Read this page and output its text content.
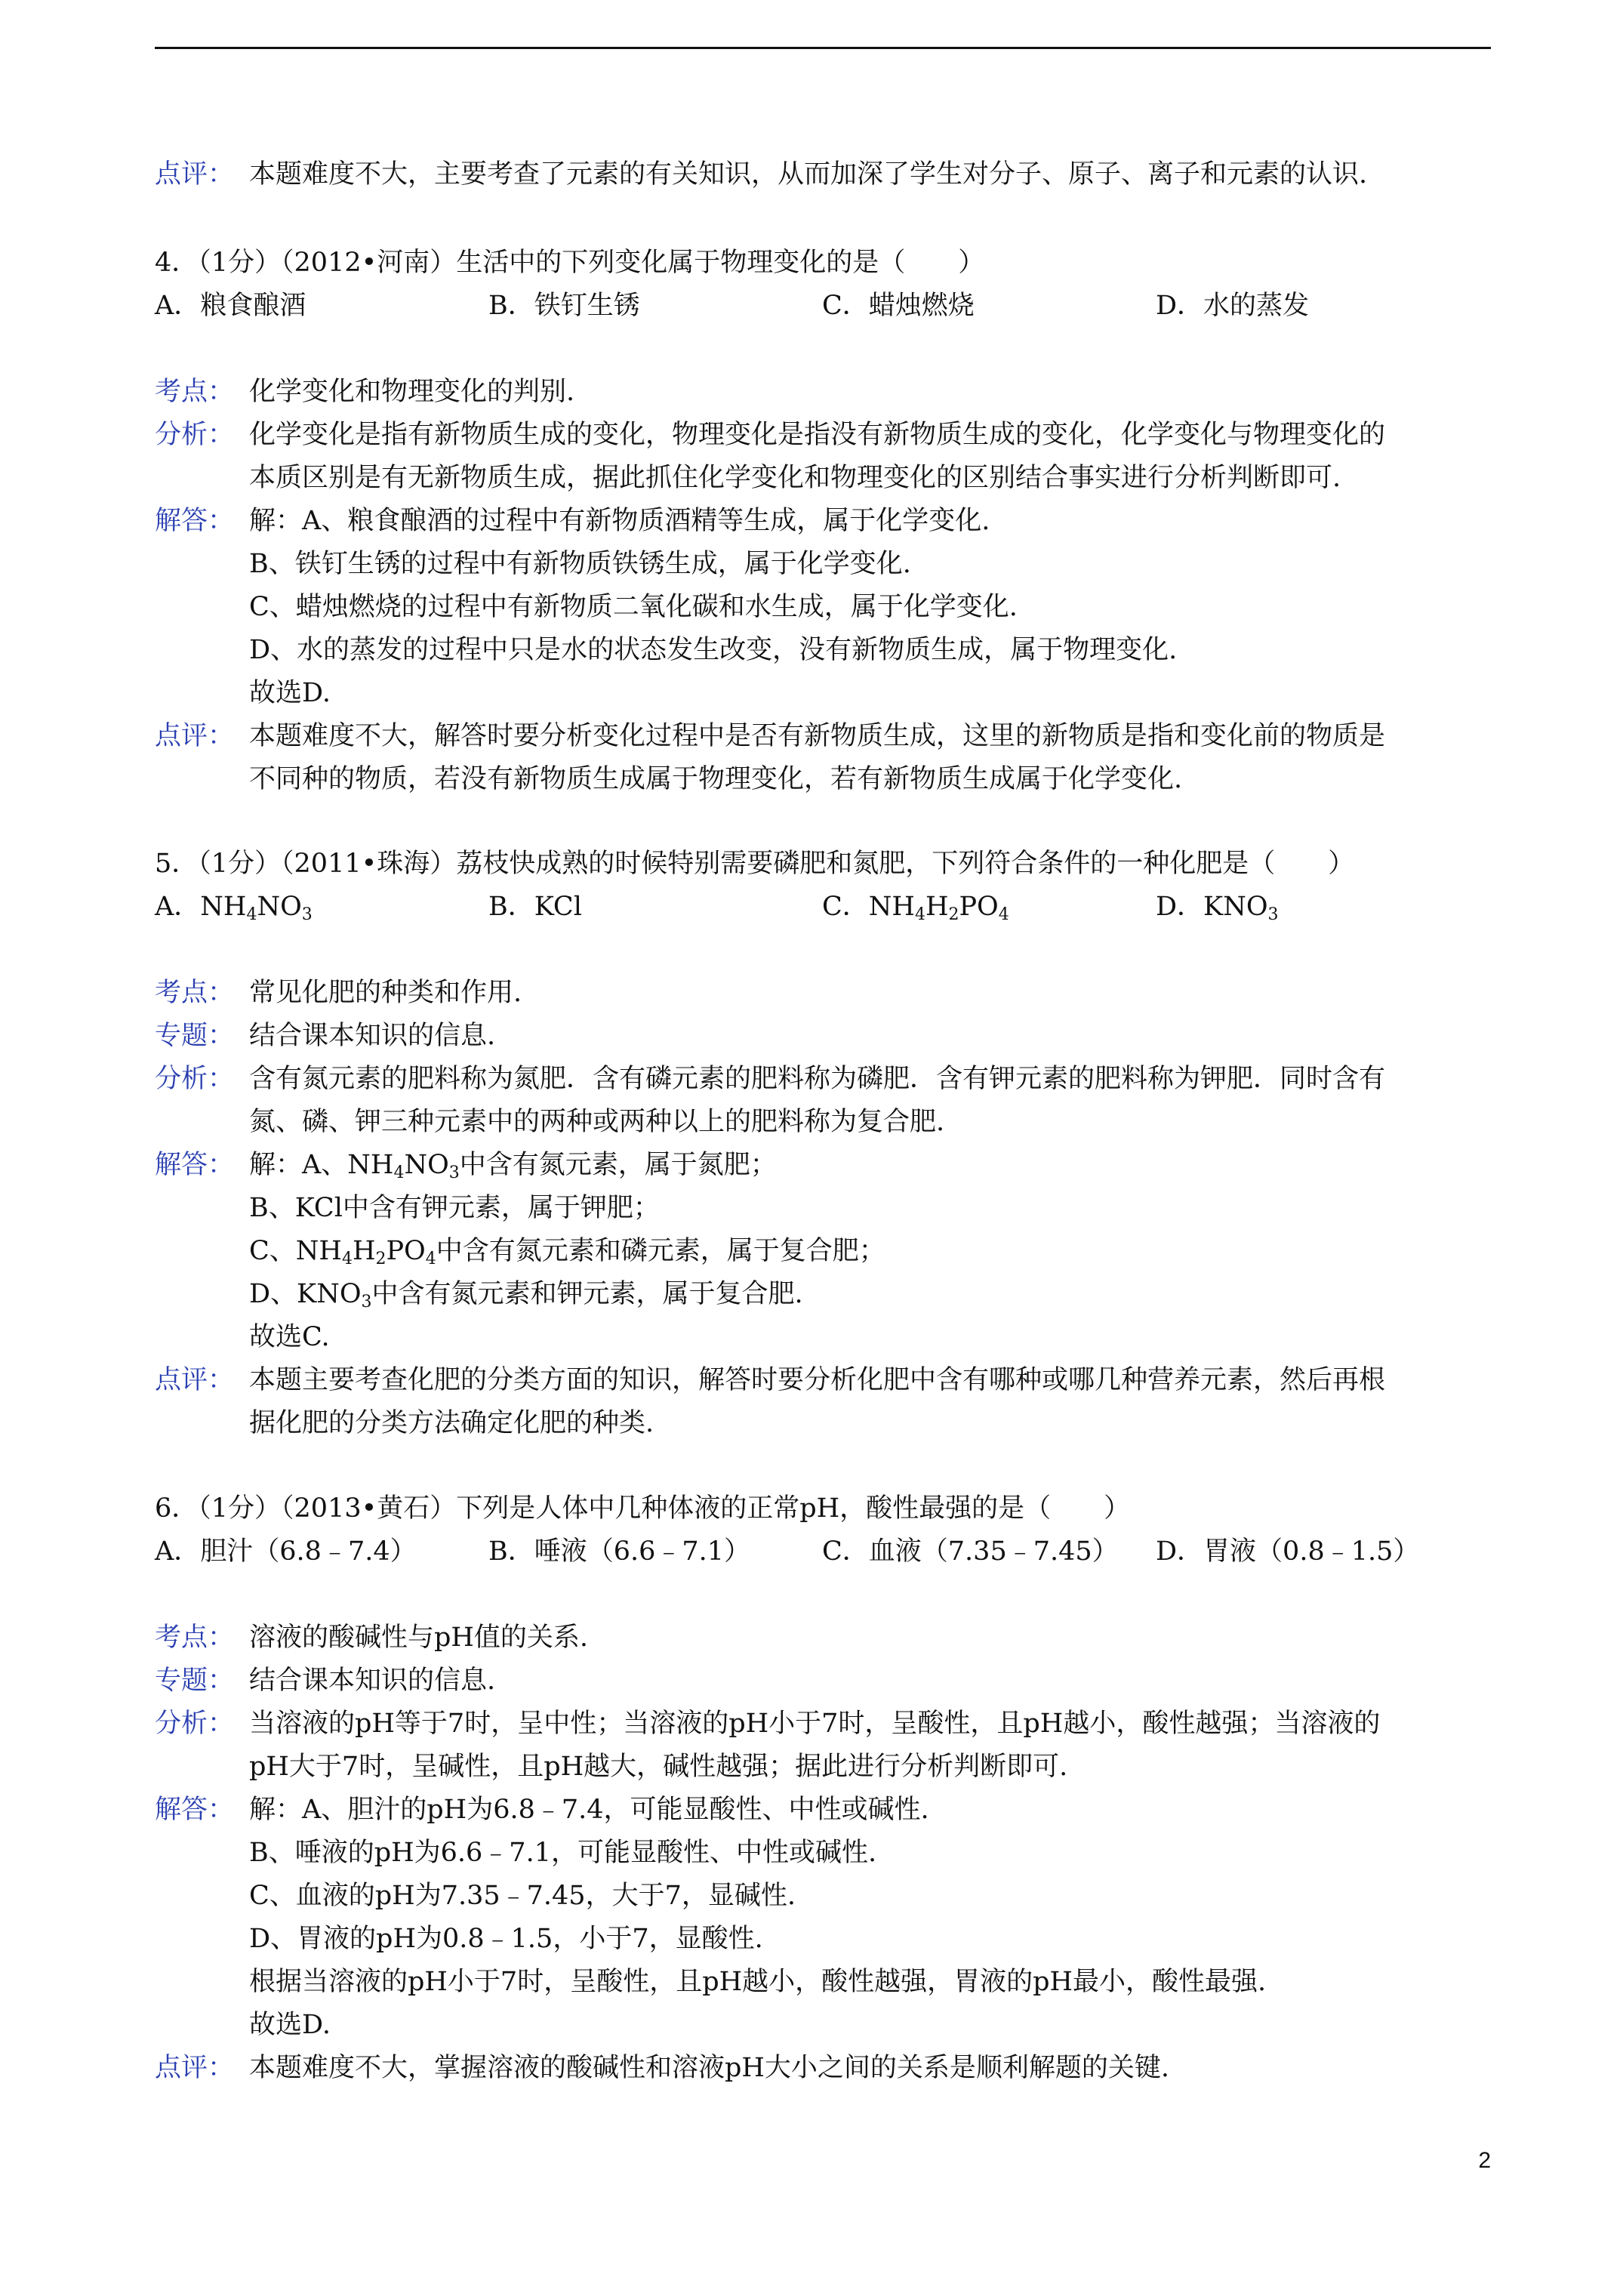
点评： 本题难度不大，主要考查了元素的有关知识，从而加深了学生对分子、原子、离子和元素的认识.
4．（1分）（2012•河南）生活中的下列变化属于物理变化的是（　　）
A．粮食酿酒	B．铁钉生锈	C．蜡烛燃烧	D．水的蒸发
考点： 化学变化和物理变化的判别.
分析： 化学变化是指有新物质生成的变化，物理变化是指没有新物质生成的变化，化学变化与物理变化的
本质区别是有无新物质生成，据此抓住化学变化和物理变化的区别结合事实进行分析判断即可.
解答： 解：A、粮食酿酒的过程中有新物质酒精等生成，属于化学变化.
B、铁钉生锈的过程中有新物质铁锈生成，属于化学变化.
C、蜡烛燃烧的过程中有新物质二氧化碳和水生成，属于化学变化.
D、水的蒸发的过程中只是水的状态发生改变，没有新物质生成，属于物理变化.
故选D.
点评： 本题难度不大，解答时要分析变化过程中是否有新物质生成，这里的新物质是指和变化前的物质是
不同种的物质，若没有新物质生成属于物理变化，若有新物质生成属于化学变化.
5．（1分）（2011•珠海）荔枝快成熟的时候特别需要磷肥和氮肥，下列符合条件的一种化肥是（　　）
A．$NH_4NO_3$	B．KCl	C．$NH_4H_2PO_4$	D．$KNO_3$
考点： 常见化肥的种类和作用.
专题： 结合课本知识的信息.
分析： 含有氮元素的肥料称为氮肥．含有磷元素的肥料称为磷肥．含有钾元素的肥料称为钾肥．同时含有
氮、磷、钾三种元素中的两种或两种以上的肥料称为复合肥.
解答： 解：A、$NH_4NO_3$中含有氮元素，属于氮肥；
B、KCl中含有钾元素，属于钾肥；
C、$NH_4H_2PO_4$中含有氮元素和磷元素，属于复合肥；
D、$KNO_3$中含有氮元素和钾元素，属于复合肥.
故选C.
点评： 本题主要考查化肥的分类方面的知识，解答时要分析化肥中含有哪种或哪几种营养元素，然后再根
据化肥的分类方法确定化肥的种类.
6．（1分）（2013•黄石）下列是人体中几种体液的正常pH，酸性最强的是（　　）
A．胆汁（6.8﹣7.4）	B．唾液（6.6﹣7.1）	C．血液（7.35﹣7.45）	D．胃液（0.8﹣1.5）
考点： 溶液的酸碱性与pH值的关系.
专题： 结合课本知识的信息.
分析： 当溶液的pH等于7时，呈中性；当溶液的pH小于7时，呈酸性，且pH越小，酸性越强；当溶液的
pH大于7时，呈碱性，且pH越大，碱性越强；据此进行分析判断即可.
解答： 解：A、胆汁的pH为6.8﹣7.4，可能显酸性、中性或碱性.
B、唾液的pH为6.6﹣7.1，可能显酸性、中性或碱性.
C、血液的pH为7.35﹣7.45，大于7，显碱性.
D、胃液的pH为0.8﹣1.5，小于7，显酸性.
根据当溶液的pH小于7时，呈酸性，且pH越小，酸性越强，胃液的pH最小，酸性最强.
故选D.
点评： 本题难度不大，掌握溶液的酸碱性和溶液pH大小之间的关系是顺利解题的关键.
2
